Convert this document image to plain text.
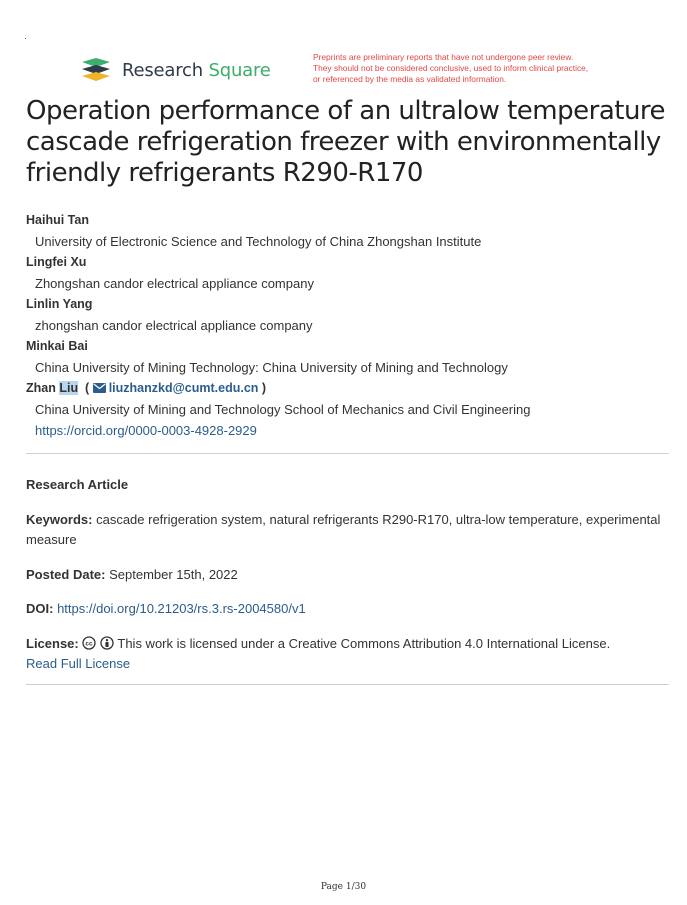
Research Square
Preprints are preliminary reports that have not undergone peer review.
They should not be considered conclusive, used to inform clinical practice,
or referenced by the media as validated information.
Operation performance of an ultralow temperature cascade refrigeration freezer with environmentally friendly refrigerants R290-R170
Haihui Tan
University of Electronic Science and Technology of China Zhongshan Institute
Lingfei Xu
Zhongshan candor electrical appliance company
Linlin Yang
zhongshan candor electrical appliance company
Minkai Bai
China University of Mining Technology: China University of Mining and Technology
Zhan Liu  ( liuzhanzkd@cumt.edu.cn )
China University of Mining and Technology School of Mechanics and Civil Engineering
https://orcid.org/0000-0003-4928-2929
Research Article
Keywords: cascade refrigeration system, natural refrigerants R290-R170, ultra-low temperature, experimental measure
Posted Date: September 15th, 2022
DOI: https://doi.org/10.21203/rs.3.rs-2004580/v1
License: cc This work is licensed under a Creative Commons Attribution 4.0 International License.
Read Full License
Page 1/30
